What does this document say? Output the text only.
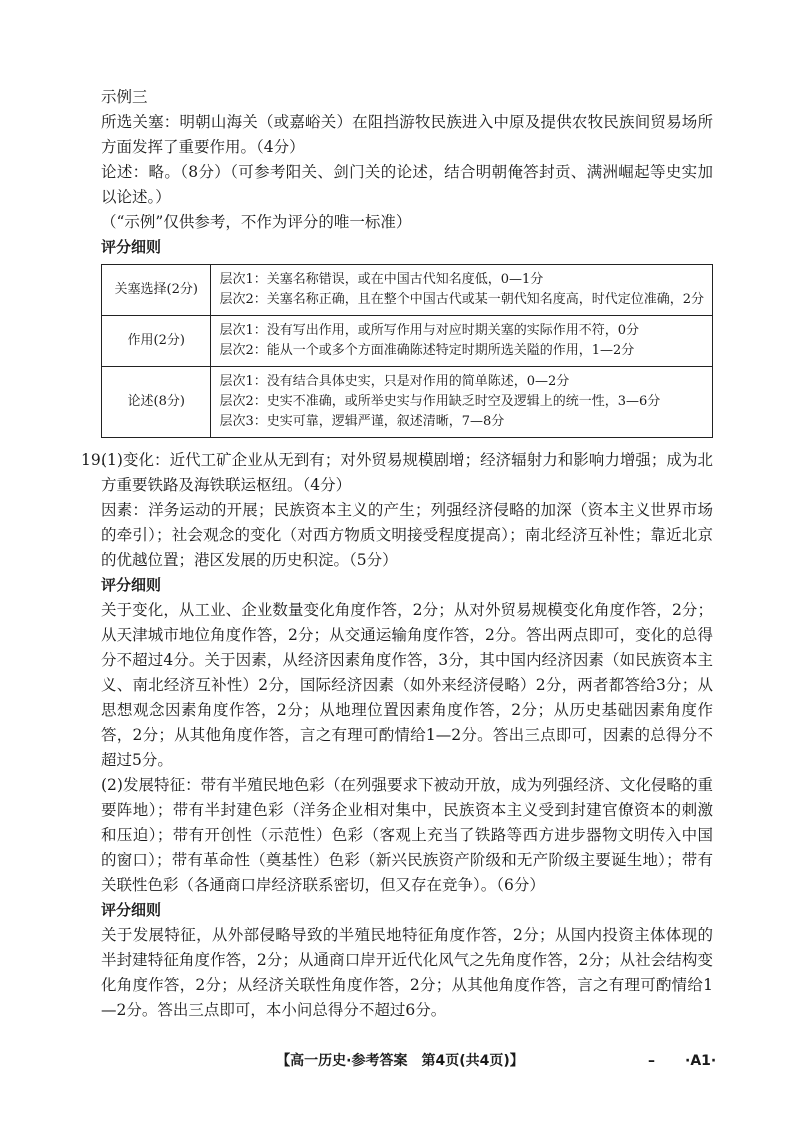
示例三

所选关塞：明朝山海关（或嘉峪关）在阻挡游牧民族进入中原及提供农牧民族间贸易场所方面发挥了重要作用。（4分）

论述：略。（8分）（可参考阳关、剑门关的论述，结合明朝俺答封贡、满洲崛起等史实加以论述。）

（“示例”仅供参考，不作为评分的唯一标准）

评分细则

关塞选择(2分)	层次1：关塞名称错误，或在中国古代知名度低，0—1分
层次2：关塞名称正确，且在整个中国古代或某一朝代知名度高，时代定位准确，2分

作用(2分)	层次1：没有写出作用，或所写作用与对应时期关塞的实际作用不符，0分
层次2：能从一个或多个方面准确陈述特定时期所选关隘的作用，1—2分

论述(8分)	层次1：没有结合具体史实，只是对作用的简单陈述，0—2分
层次2：史实不准确，或所举史实与作用缺乏时空及逻辑上的统一性，3—6分
层次3：史实可靠，逻辑严谨，叙述清晰，7—8分

19.
(1)变化：近代工矿企业从无到有；对外贸易规模剧增；经济辐射力和影响力增强；成为北方重要铁路及海铁联运枢纽。（4分）

因素：洋务运动的开展；民族资本主义的产生；列强经济侵略的加深（资本主义世界市场的牵引）；社会观念的变化（对西方物质文明接受程度提高）；南北经济互补性；靠近北京的优越位置；港区发展的历史积淀。（5分）

评分细则

关于变化，从工业、企业数量变化角度作答，2分；从对外贸易规模变化角度作答，2分；从天津城市地位角度作答，2分；从交通运输角度作答，2分。答出两点即可，变化的总得分不超过4分。关于因素，从经济因素角度作答，3分，其中国内经济因素（如民族资本主义、南北经济互补性）2分，国际经济因素（如外来经济侵略）2分，两者都答给3分；从思想观念因素角度作答，2分；从地理位置因素角度作答，2分；从历史基础因素角度作答，2分；从其他角度作答，言之有理可酌情给1—2分。答出三点即可，因素的总得分不超过5分。

(2)发展特征：带有半殖民地色彩（在列强要求下被动开放，成为列强经济、文化侵略的重要阵地）；带有半封建色彩（洋务企业相对集中，民族资本主义受到封建官僚资本的刺激和压迫）；带有开创性（示范性）色彩（客观上充当了铁路等西方进步器物文明传入中国的窗口）；带有革命性（奠基性）色彩（新兴民族资产阶级和无产阶级主要诞生地）；带有关联性色彩（各通商口岸经济联系密切，但又存在竞争）。（6分）

评分细则

关于发展特征，从外部侵略导致的半殖民地特征角度作答，2分；从国内投资主体体现的半封建特征角度作答，2分；从通商口岸开近代化风气之先角度作答，2分；从社会结构变化角度作答，2分；从经济关联性角度作答，2分；从其他角度作答，言之有理可酌情给1—2分。答出三点即可，本小问总得分不超过6分。

【高一历史·参考答案　第4页(共4页)】	– ·A1·
